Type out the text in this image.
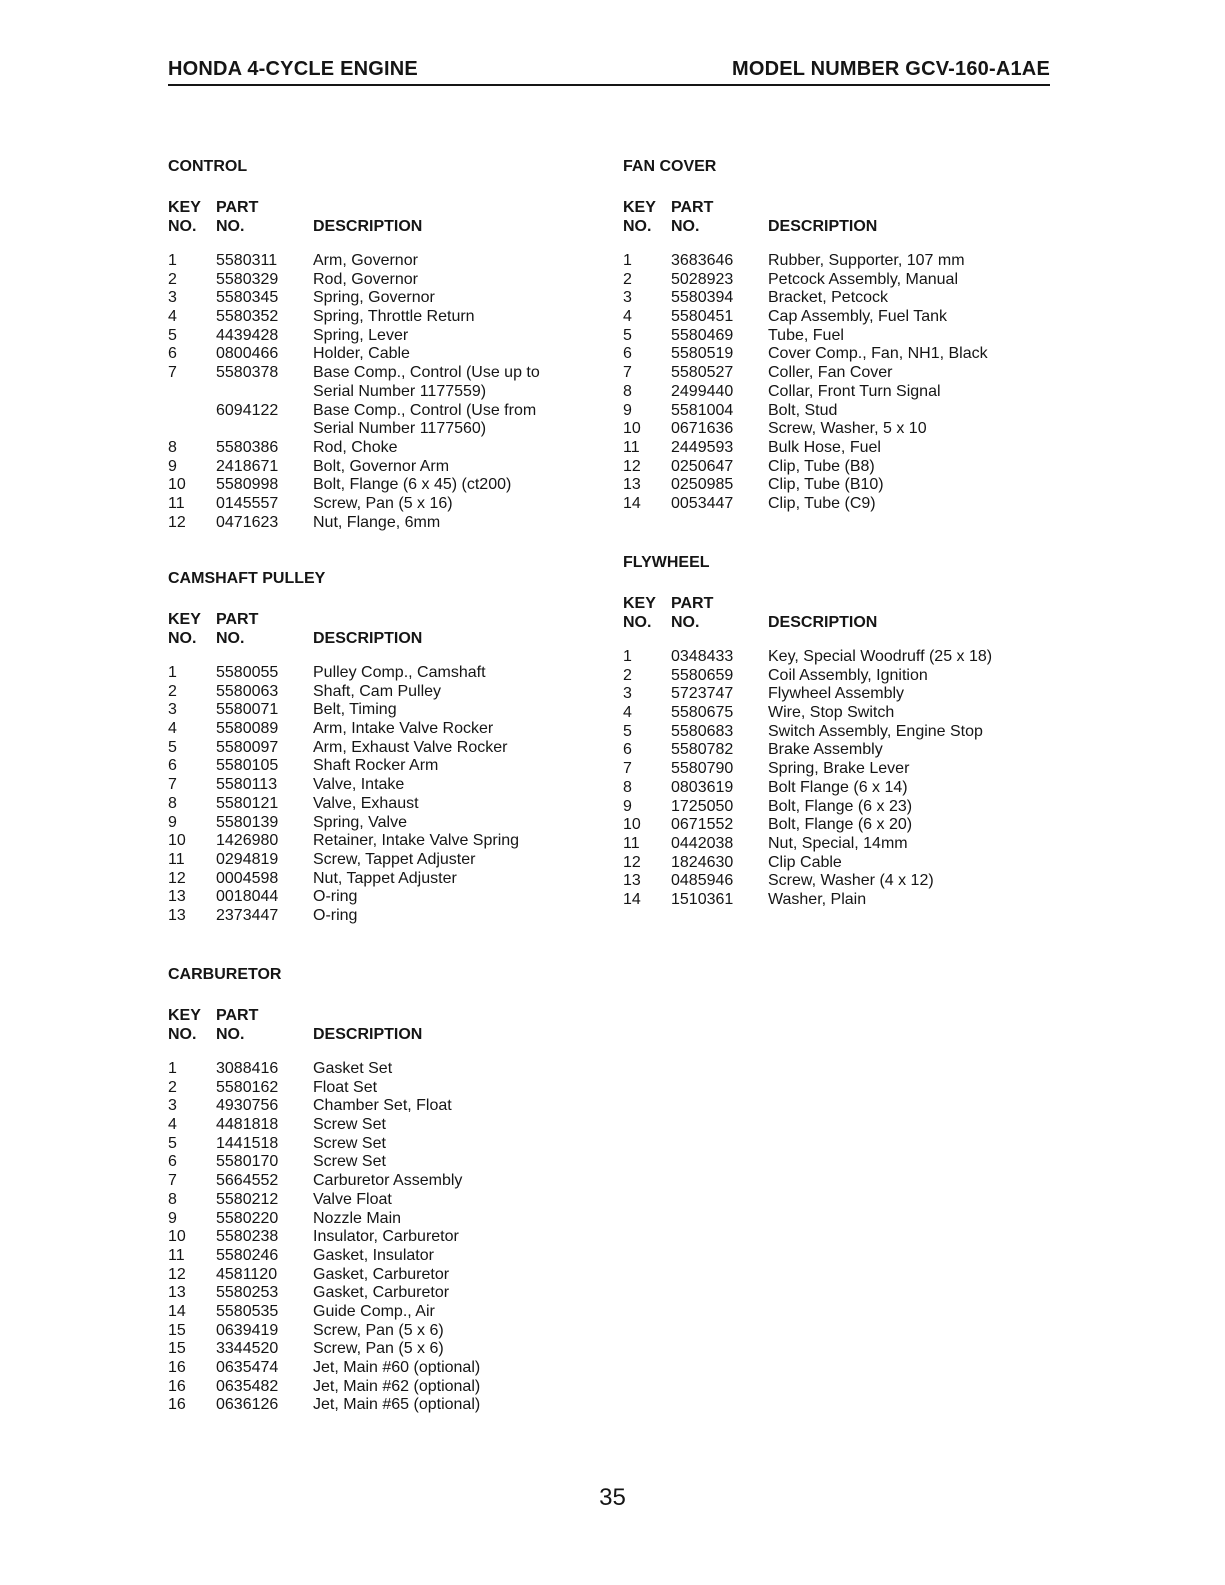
HONDA 4-CYCLE ENGINE	MODEL NUMBER GCV-160-A1AE
CONTROL
KEY PART
NO. NO.	DESCRIPTION
1 5580311 Arm, Governor
2 5580329 Rod, Governor
3 5580345 Spring, Governor
4 5580352 Spring, Throttle Return
5 4439428 Spring, Lever
6 0800466 Holder, Cable
7 5580378 Base Comp., Control (Use up to
Serial Number 1177559)
6094122 Base Comp., Control (Use from
Serial Number 1177560)
8 5580386 Rod, Choke
9 2418671 Bolt, Governor Arm
10 5580998 Bolt, Flange (6 x 45) (ct200)
11 0145557 Screw, Pan (5 x 16)
12 0471623 Nut, Flange, 6mm
CAMSHAFT PULLEY
KEY PART
NO. NO.	DESCRIPTION
1 5580055 Pulley Comp., Camshaft
2 5580063 Shaft, Cam Pulley
3 5580071 Belt, Timing
4 5580089 Arm, Intake Valve Rocker
5 5580097 Arm, Exhaust Valve Rocker
6 5580105 Shaft Rocker Arm
7 5580113 Valve, Intake
8 5580121 Valve, Exhaust
9 5580139 Spring, Valve
10 1426980 Retainer, Intake Valve Spring
11 0294819 Screw, Tappet Adjuster
12 0004598 Nut, Tappet Adjuster
13 0018044 O-ring
13 2373447 O-ring
CARBURETOR
KEY PART
NO. NO.	DESCRIPTION
1 3088416 Gasket Set
2 5580162 Float Set
3 4930756 Chamber Set, Float
4 4481818 Screw Set
5 1441518 Screw Set
6 5580170 Screw Set
7 5664552 Carburetor Assembly
8 5580212 Valve Float
9 5580220 Nozzle Main
10 5580238 Insulator, Carburetor
11 5580246 Gasket, Insulator
12 4581120 Gasket, Carburetor
13 5580253 Gasket, Carburetor
14 5580535 Guide Comp., Air
15 0639419 Screw, Pan (5 x 6)
15 3344520 Screw, Pan (5 x 6)
16 0635474 Jet, Main #60 (optional)
16 0635482 Jet, Main #62 (optional)
16 0636126 Jet, Main #65 (optional)
FAN COVER
KEY PART
NO. NO.	DESCRIPTION
1 3683646 Rubber, Supporter, 107 mm
2 5028923 Petcock Assembly, Manual
3 5580394 Bracket, Petcock
4 5580451 Cap Assembly, Fuel Tank
5 5580469 Tube, Fuel
6 5580519 Cover Comp., Fan, NH1, Black
7 5580527 Coller, Fan Cover
8 2499440 Collar, Front Turn Signal
9 5581004 Bolt, Stud
10 0671636 Screw, Washer, 5 x 10
11 2449593 Bulk Hose, Fuel
12 0250647 Clip, Tube (B8)
13 0250985 Clip, Tube (B10)
14 0053447 Clip, Tube (C9)
FLYWHEEL
KEY PART
NO. NO.	DESCRIPTION
1 0348433 Key, Special Woodruff (25 x 18)
2 5580659 Coil Assembly, Ignition
3 5723747 Flywheel Assembly
4 5580675 Wire, Stop Switch
5 5580683 Switch Assembly, Engine Stop
6 5580782 Brake Assembly
7 5580790 Spring, Brake Lever
8 0803619 Bolt Flange (6 x 14)
9 1725050 Bolt, Flange (6 x 23)
10 0671552 Bolt, Flange (6 x 20)
11 0442038 Nut, Special, 14mm
12 1824630 Clip Cable
13 0485946 Screw, Washer (4 x 12)
14 1510361 Washer, Plain
35
